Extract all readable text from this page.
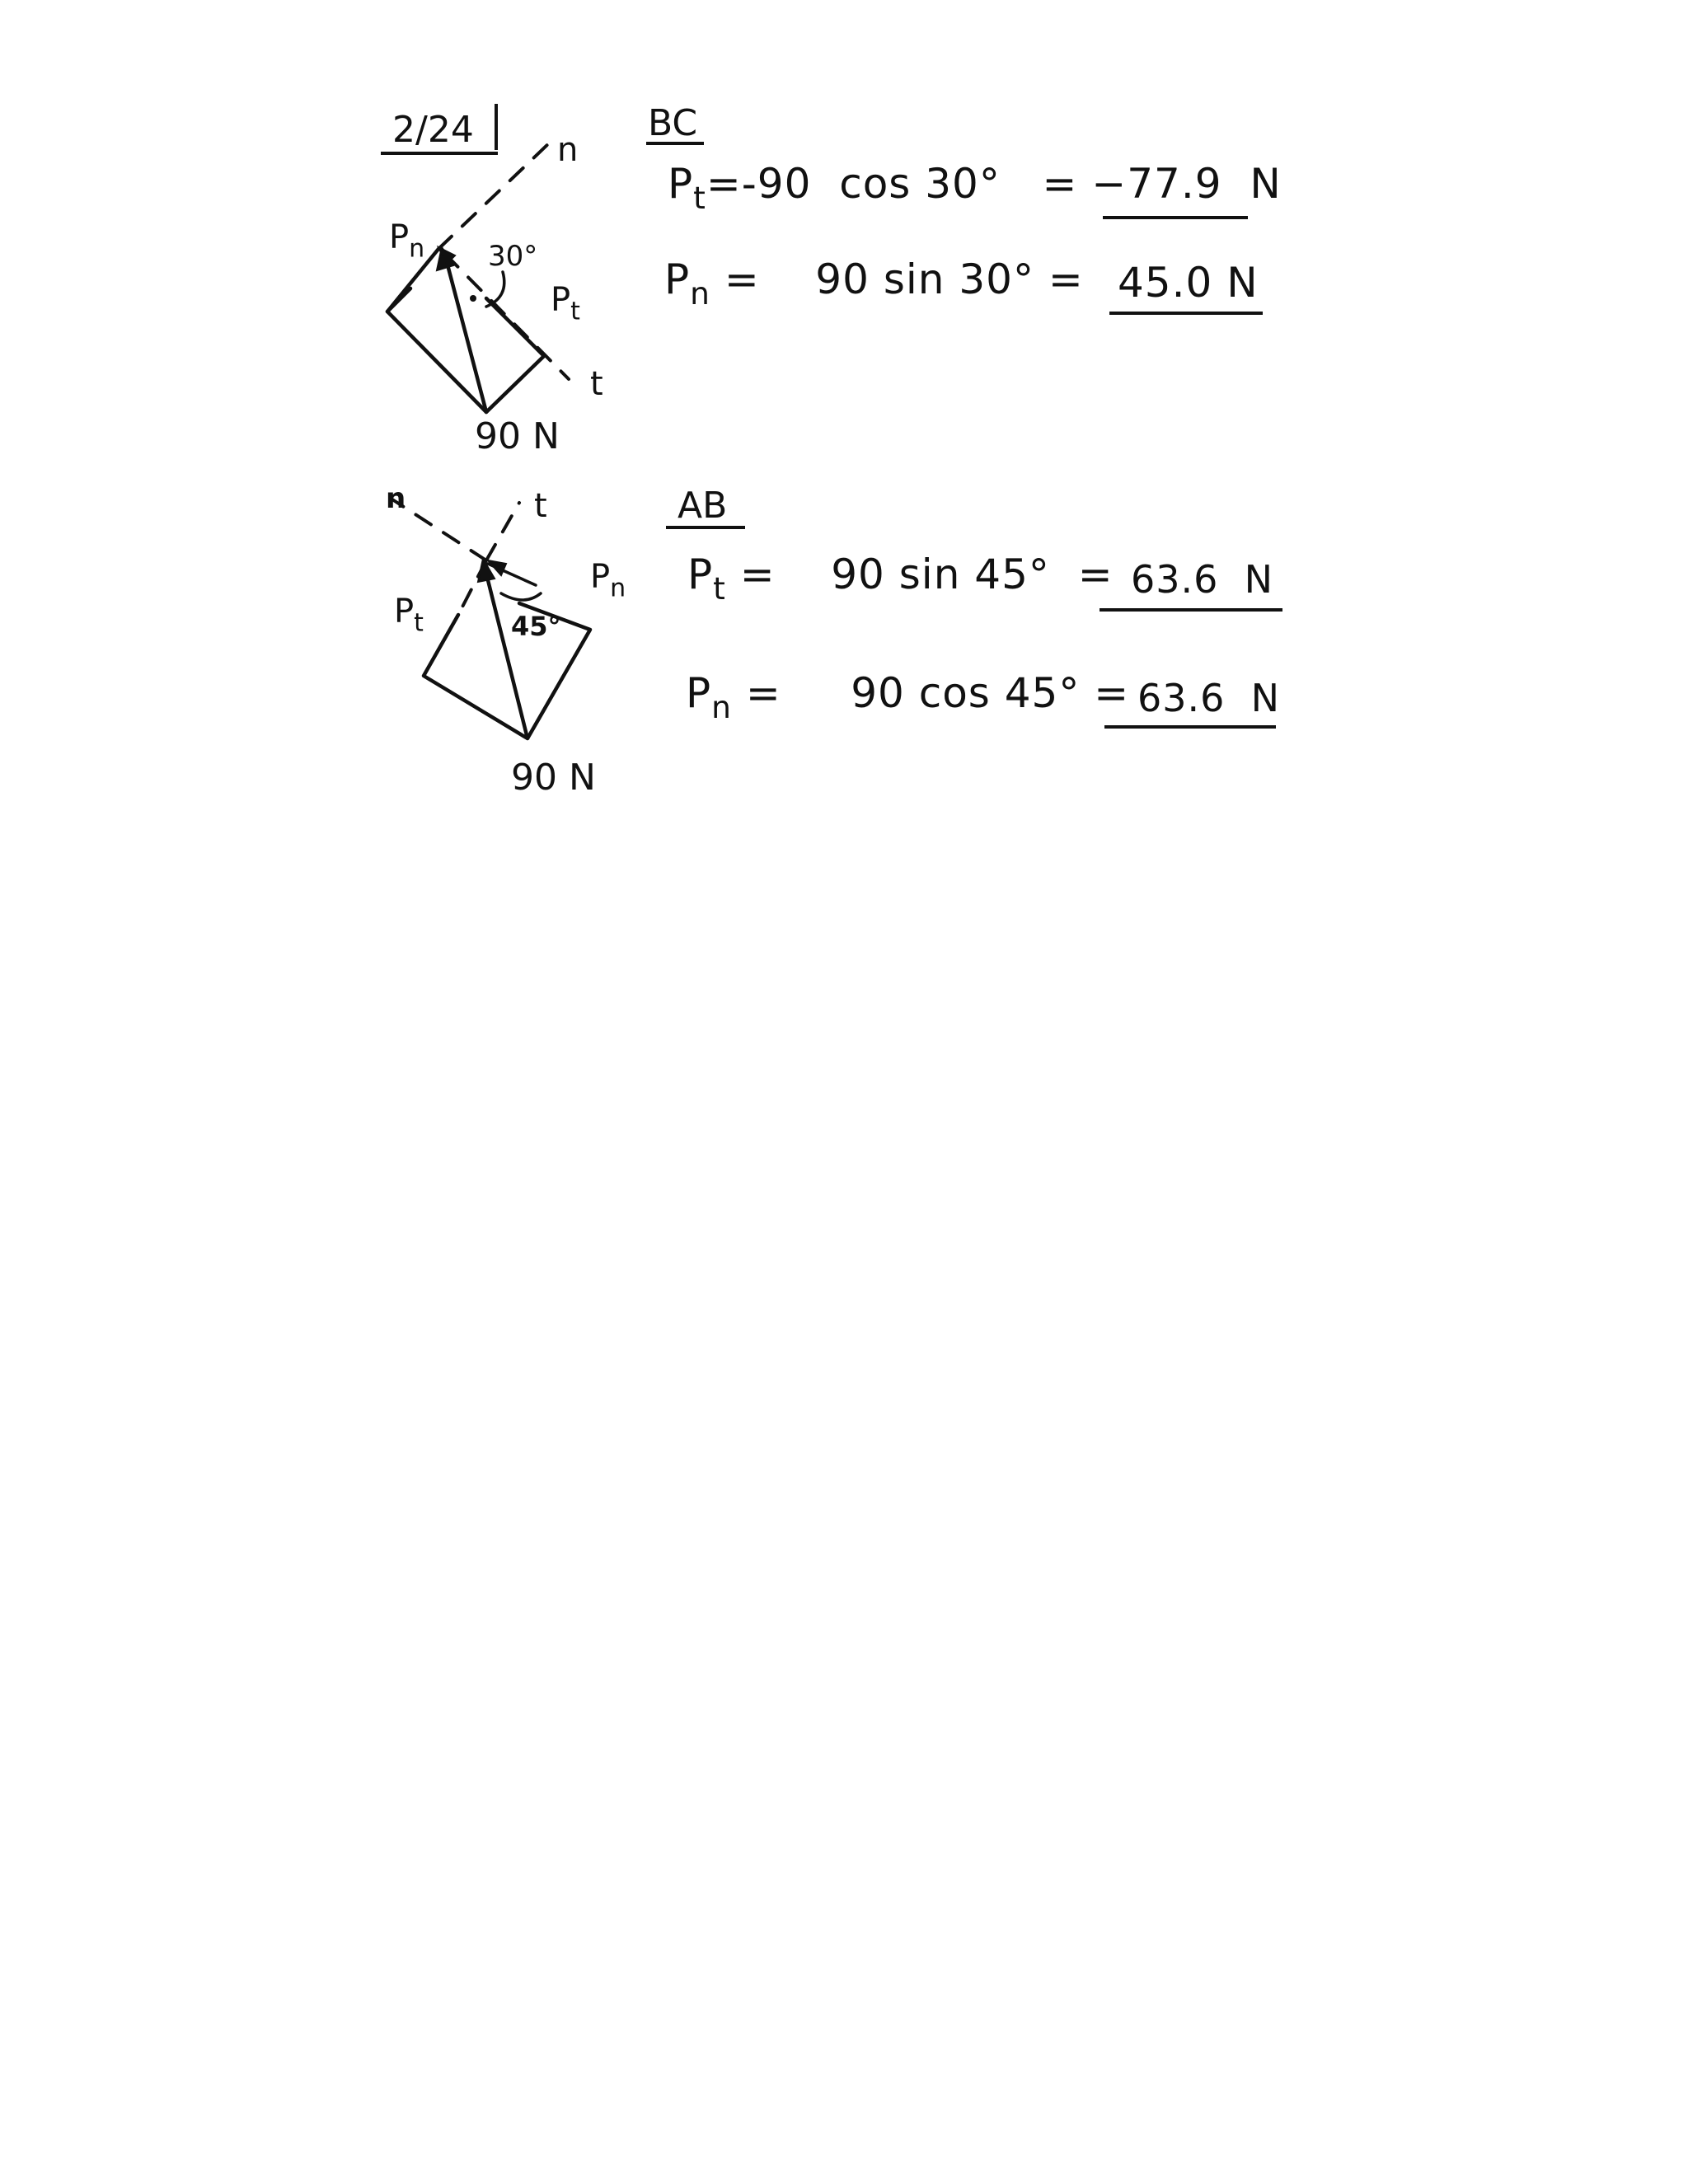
2/24	n
t
$P_n$
$P_t$
30°
90 N
BC
$P_t=-90$  cos 30°   = −77.9  N
$P_n$ =    90 sin 30° = 45.0 N
n	t
$P_n$
$P_t$	45°
90 N
AB
$P_t$ =    90 sin 45°  = 63.6  N
$P_n$ =     90 cos 45° = 63.6  N
